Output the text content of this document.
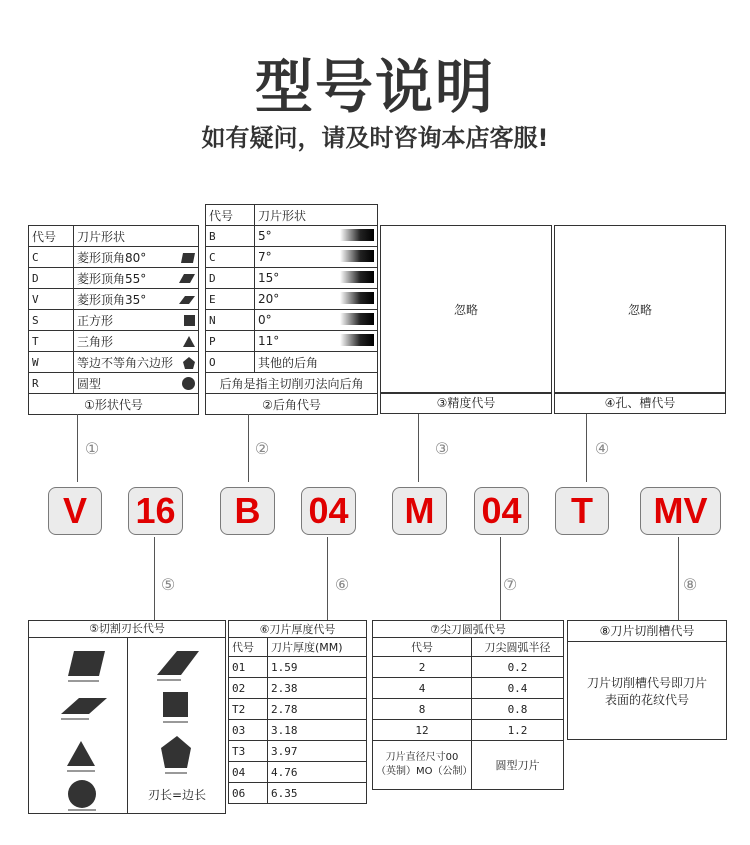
型号说明
如有疑问，请及时咨询本店客服!
代号	刀片形状	
C	菱形顶角80°	
D	菱形顶角55°	
V	菱形顶角35°	
S	正方形	
T	三角形	
W	等边不等角六边形	
R	圆型	
①形状代号		
代号	刀片形状	
B	5°	
C	7°	
D	15°	
E	20°	
N	0°	
P	11°	
O	其他的后角	
后角是指主切削刃法向后角		
②后角代号		
忽略
③精度代号
忽略
④孔、槽代号
①	②	③	④
V	16	B	04	M	04	T	MV
⑤	⑥	⑦	⑧
⑤切割刃长代号
刃长=边长
⑥刀片厚度代号	
代号	刀片厚度(MM)
01	1.59
02	2.38
T2	2.78
03	3.18
T3	3.97
04	4.76
06	6.35
⑦尖刀圆弧代号	
代号	刀尖圆弧半径
2	0.2
4	0.4
8	0.8
12	1.2
刀片直径尺寸00（英制）MO（公制）	圆型刀片
⑧刀片切削槽代号
刀片切削槽代号即刀片表面的花纹代号
